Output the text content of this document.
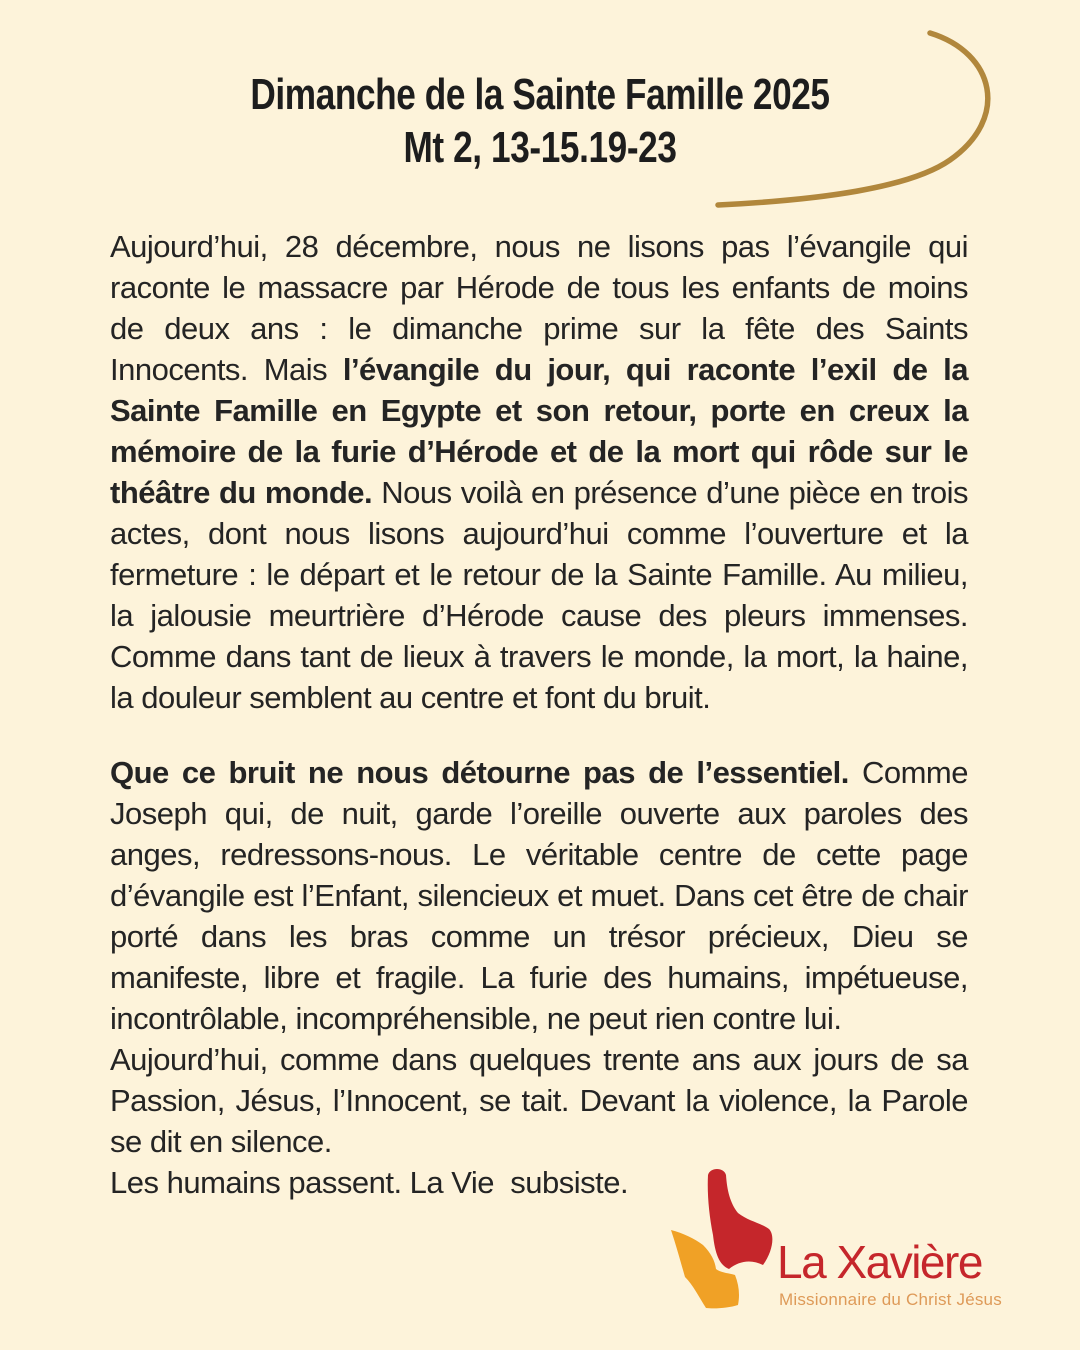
Dimanche de la Sainte Famille 2025
Mt 2, 13-15.19-23

Aujourd’hui, 28 décembre, nous ne lisons pas l’évangile qui raconte le massacre par Hérode de tous les enfants de moins de deux ans : le dimanche prime sur la fête des Saints Innocents. Mais l’évangile du jour, qui raconte l’exil de la Sainte Famille en Egypte et son retour, porte en creux la mémoire de la furie d’Hérode et de la mort qui rôde sur le théâtre du monde. Nous voilà en présence d’une pièce en trois actes, dont nous lisons aujourd’hui comme l’ouverture et la fermeture : le départ et le retour de la Sainte Famille. Au milieu, la jalousie meurtrière d’Hérode cause des pleurs immenses. Comme dans tant de lieux à travers le monde, la mort, la haine, la douleur semblent au centre et font du bruit.

Que ce bruit ne nous détourne pas de l’essentiel. Comme Joseph qui, de nuit, garde l’oreille ouverte aux paroles des anges, redressons-nous. Le véritable centre de cette page d’évangile est l’Enfant, silencieux et muet. Dans cet être de chair porté dans les bras comme un trésor précieux, Dieu se manifeste, libre et fragile. La furie des humains, impétueuse, incontrôlable, incompréhensible, ne peut rien contre lui.

Aujourd’hui, comme dans quelques trente ans aux jours de sa Passion, Jésus, l’Innocent, se tait. Devant la violence, la Parole se dit en silence.

Les humains passent. La Vie  subsiste.

La Xavière
Missionnaire du Christ Jésus
